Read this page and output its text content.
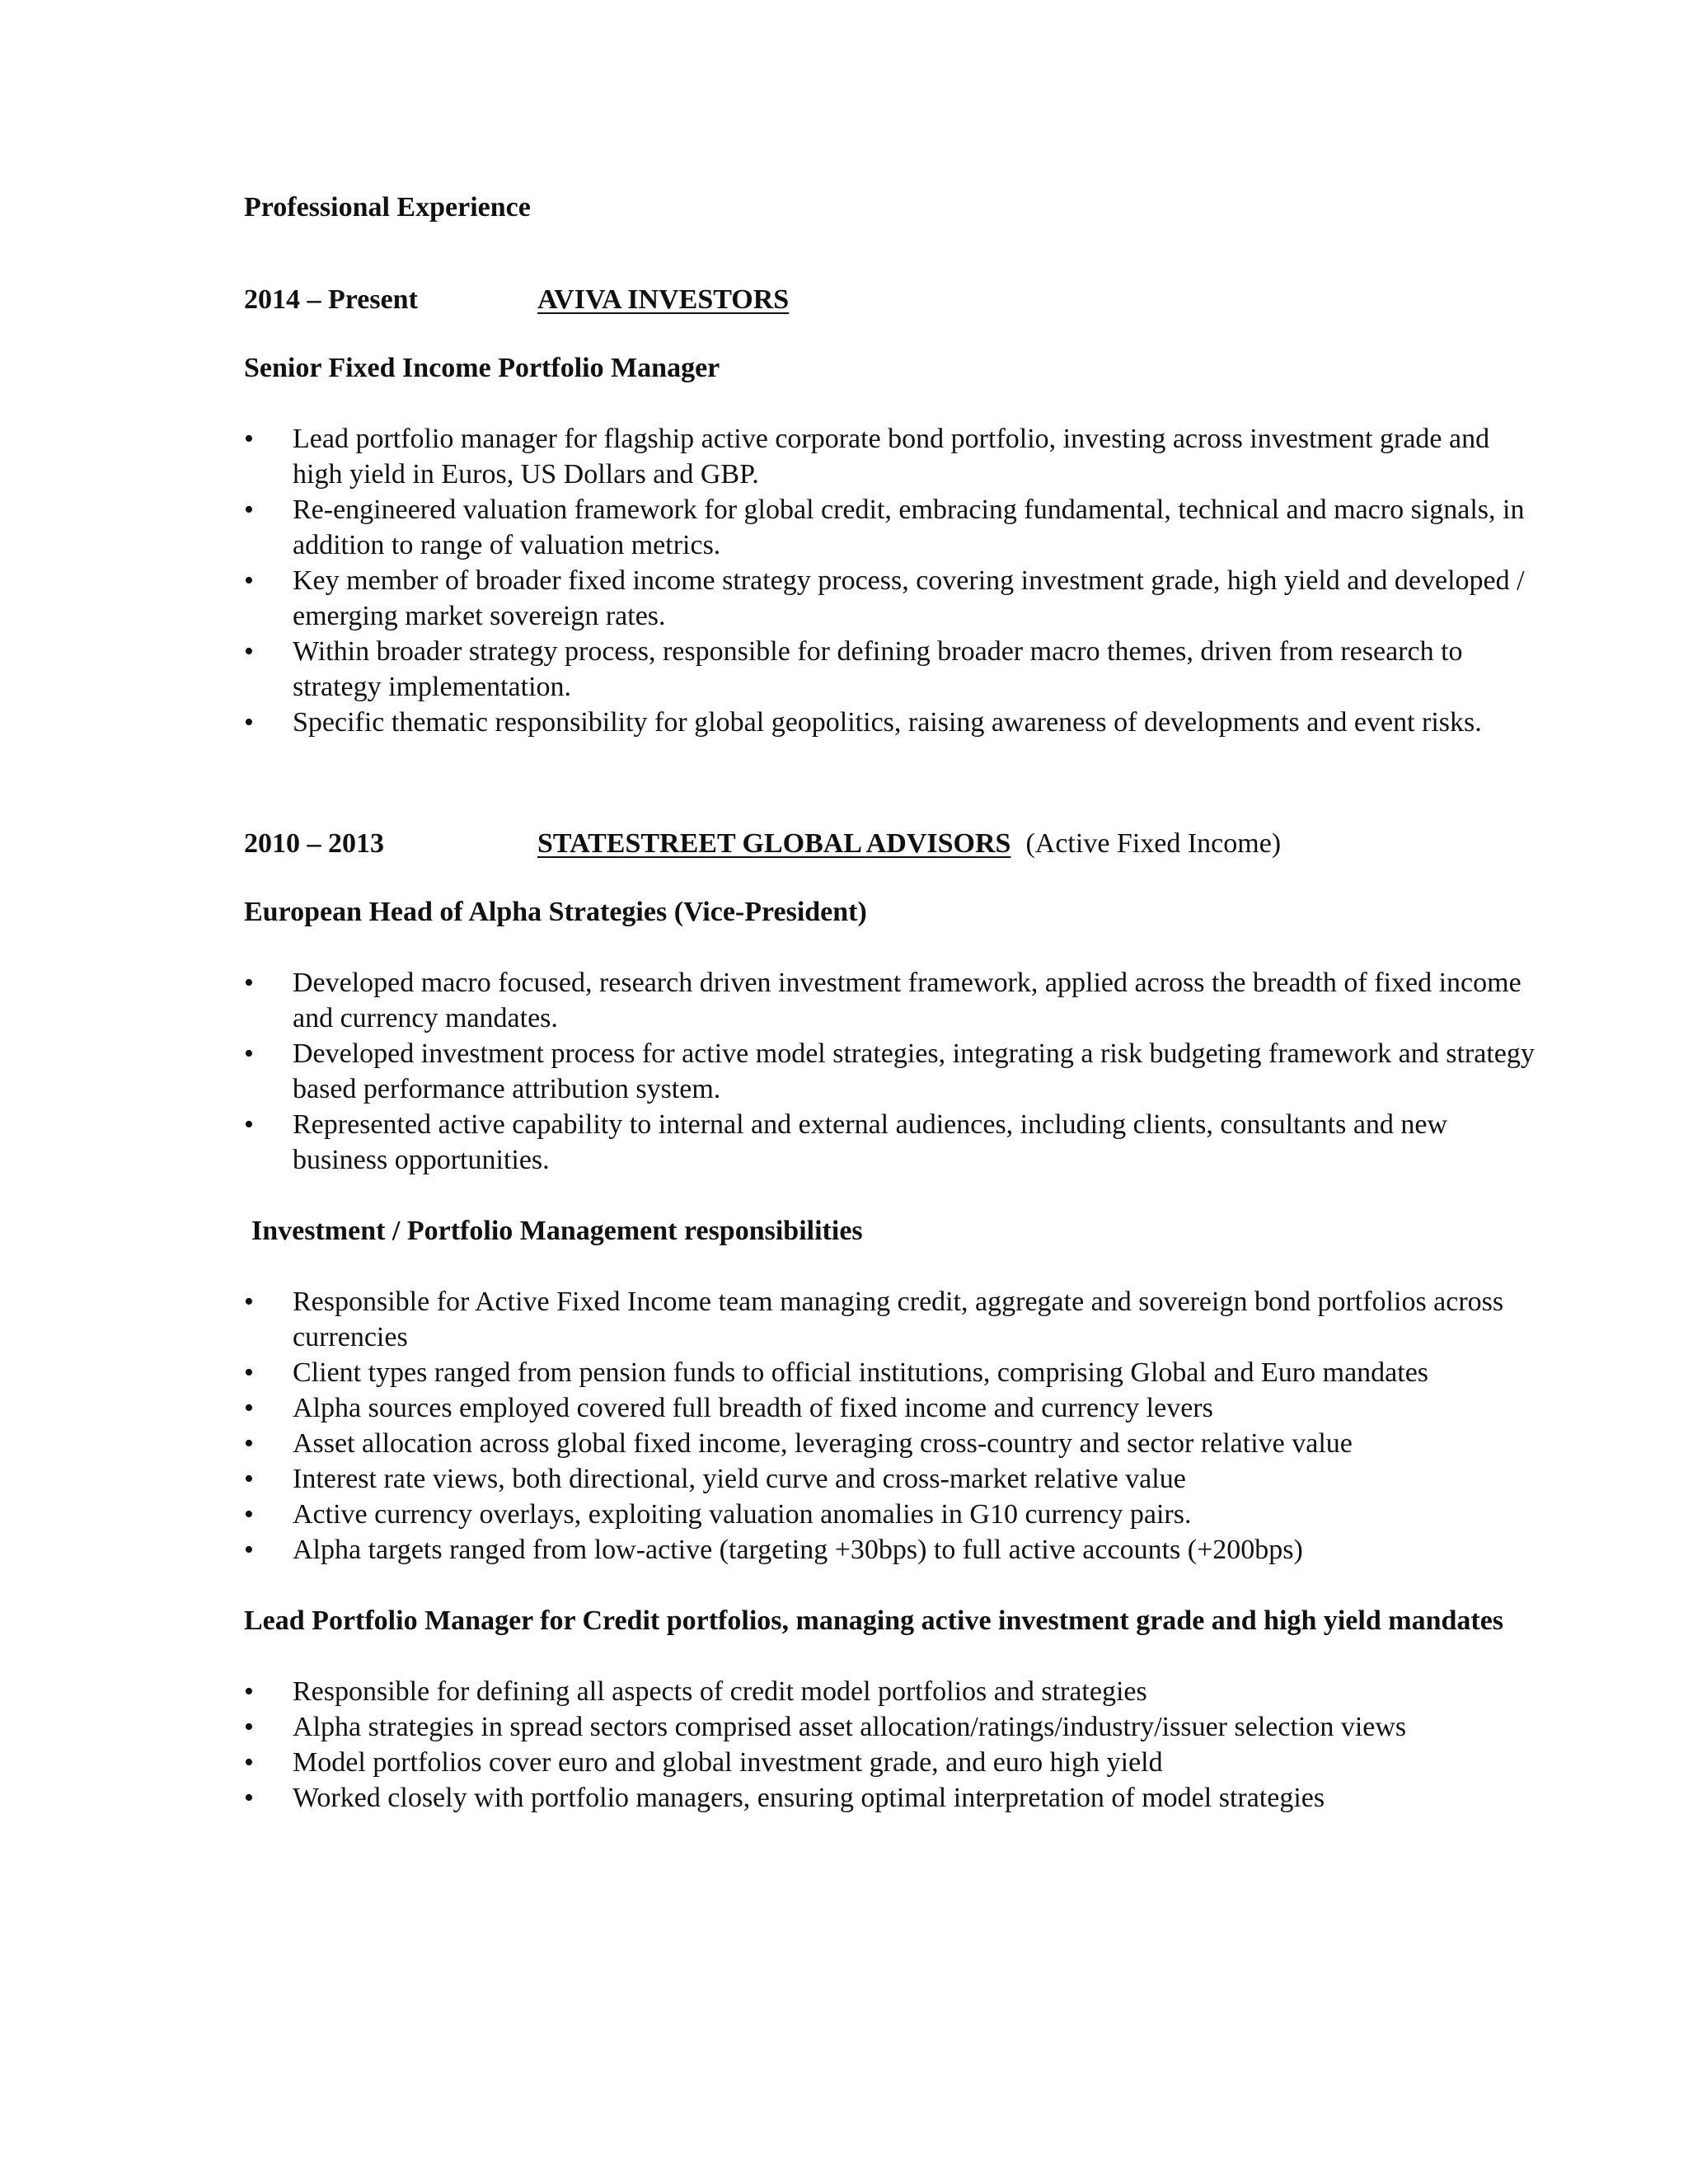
Professional Experience
2014 – Present	AVIVA INVESTORS
Senior Fixed Income Portfolio Manager
•	Lead portfolio manager for flagship active corporate bond portfolio, investing across investment grade and high yield in Euros, US Dollars and GBP.
•	Re-engineered valuation framework for global credit, embracing fundamental, technical and macro signals, in addition to range of valuation metrics.
•	Key member of broader fixed income strategy process, covering investment grade, high yield and developed / emerging market sovereign rates.
•	Within broader strategy process, responsible for defining broader macro themes, driven from research to strategy implementation.
•	Specific thematic responsibility for global geopolitics, raising awareness of developments and event risks.
2010 – 2013	STATESTREET GLOBAL ADVISORS (Active Fixed Income)
European Head of Alpha Strategies (Vice-President)
•	Developed macro focused, research driven investment framework, applied across the breadth of fixed income and currency mandates.
•	Developed investment process for active model strategies, integrating a risk budgeting framework and strategy based performance attribution system.
•	Represented active capability to internal and external audiences, including clients, consultants and new business opportunities.
Investment / Portfolio Management responsibilities
•	Responsible for Active Fixed Income team managing credit, aggregate and sovereign bond portfolios across currencies
•	Client types ranged from pension funds to official institutions, comprising Global and Euro mandates
•	Alpha sources employed covered full breadth of fixed income and currency levers
•	Asset allocation across global fixed income, leveraging cross-country and sector relative value
•	Interest rate views, both directional, yield curve and cross-market relative value
•	Active currency overlays, exploiting valuation anomalies in G10 currency pairs.
•	Alpha targets ranged from low-active (targeting +30bps) to full active accounts (+200bps)
Lead Portfolio Manager for Credit portfolios, managing active investment grade and high yield mandates
•	Responsible for defining all aspects of credit model portfolios and strategies
•	Alpha strategies in spread sectors comprised asset allocation/ratings/industry/issuer selection views
•	Model portfolios cover euro and global investment grade, and euro high yield
•	Worked closely with portfolio managers, ensuring optimal interpretation of model strategies
